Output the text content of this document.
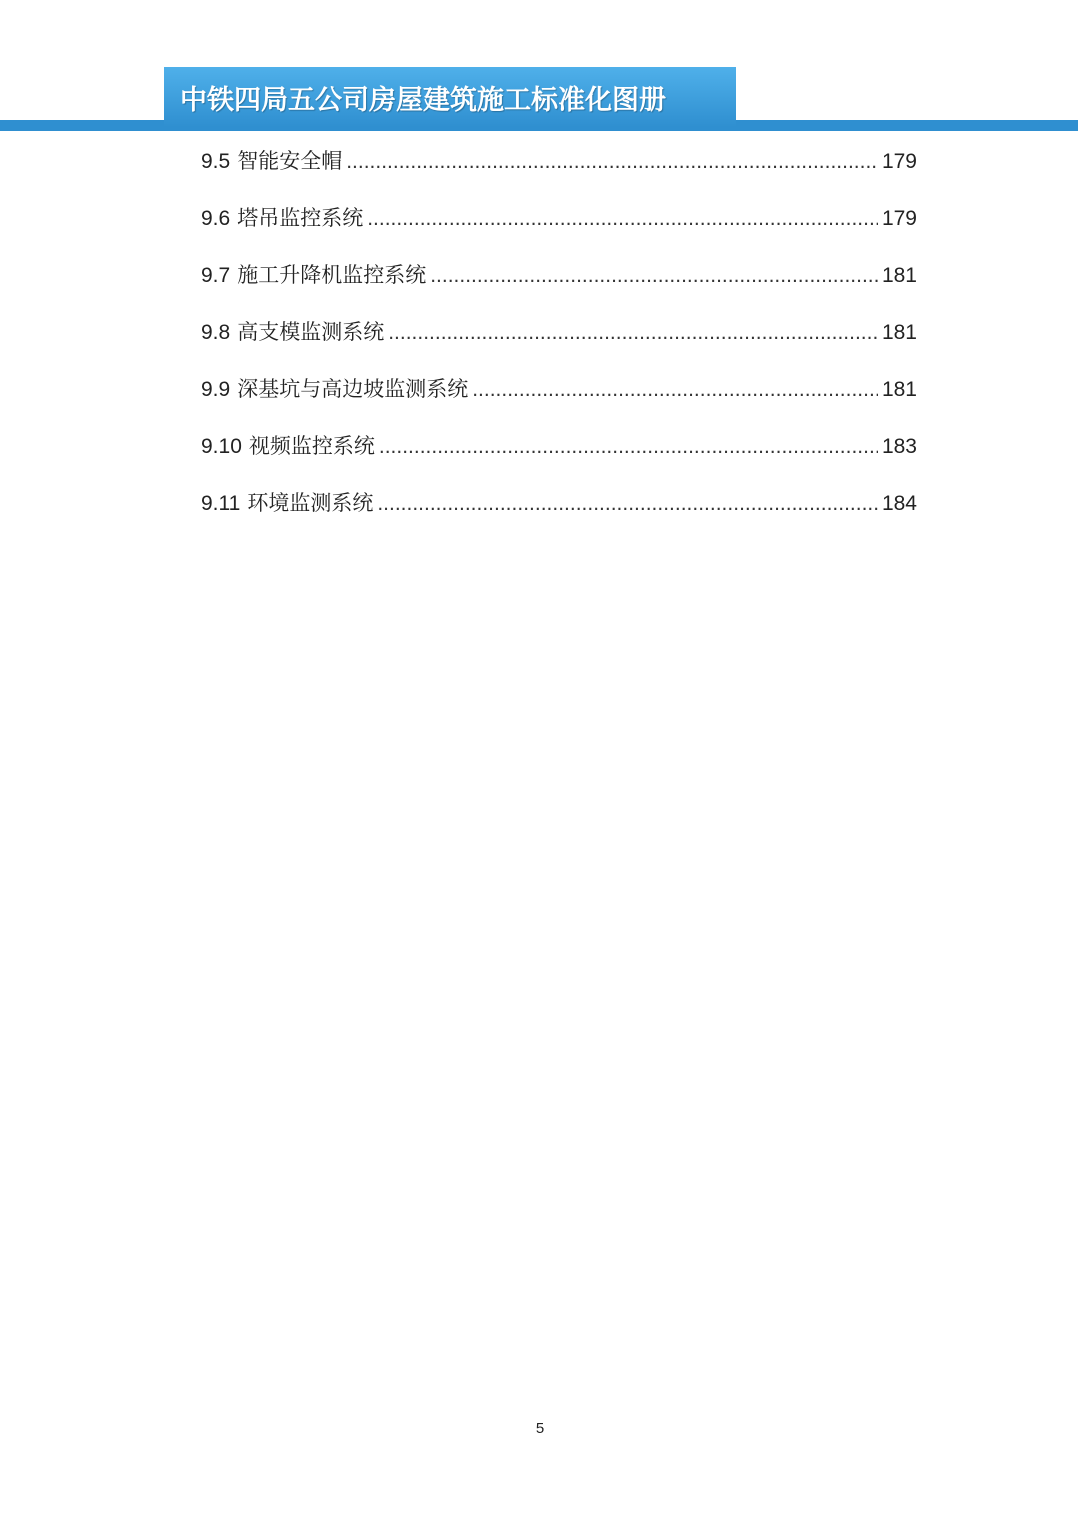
中铁四局五公司房屋建筑施工标准化图册
9.5 智能安全帽 .....	179
9.6 塔吊监控系统 .....	179
9.7 施工升降机监控系统 .....	181
9.8 高支模监测系统 .....	181
9.9 深基坑与高边坡监测系统 .....	181
9.10 视频监控系统 .....	183
9.11 环境监测系统 .....	184
5
